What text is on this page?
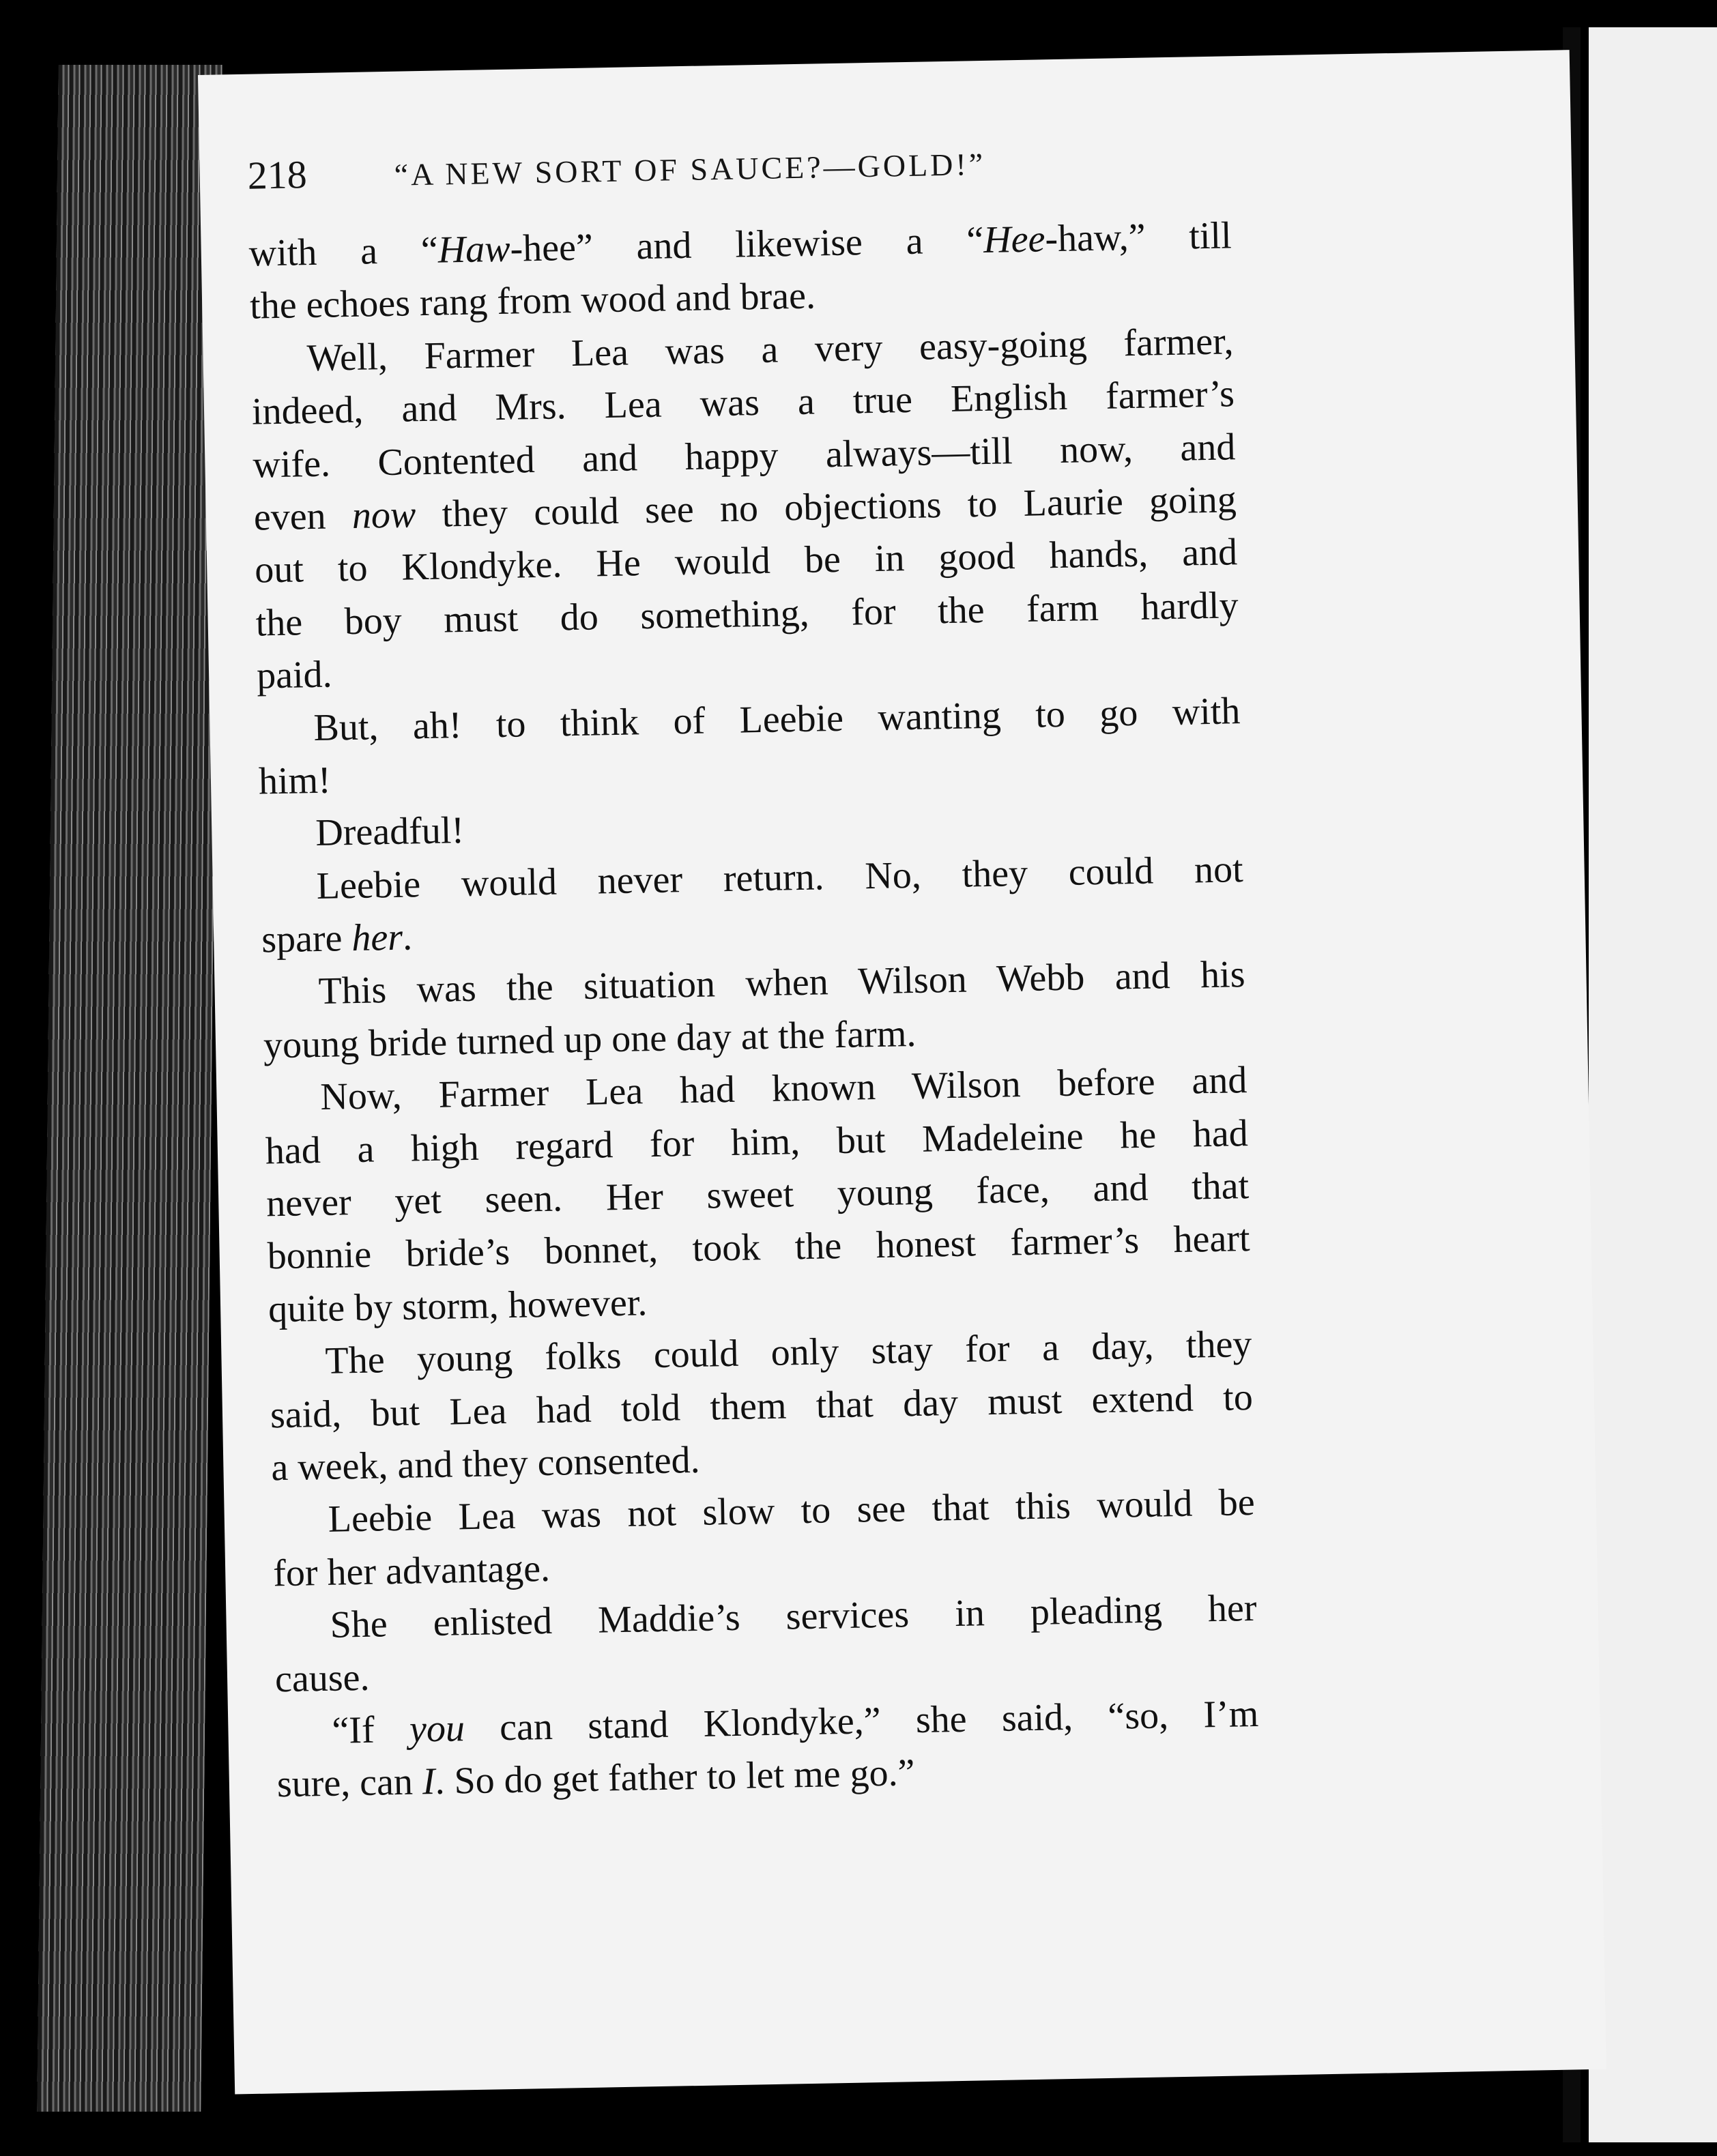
218	“A NEW SORT OF SAUCE?—GOLD!”
with a “Haw-hee” and likewise a “Hee-haw,” till
the echoes rang from wood and brae.
Well, Farmer Lea was a very easy-going farmer,
indeed, and Mrs. Lea was a true English farmer’s
wife. Contented and happy always—till now, and
even now they could see no objections to Laurie going
out to Klondyke. He would be in good hands, and
the boy must do something, for the farm hardly
paid.
But, ah! to think of Leebie wanting to go with
him!
Dreadful!
Leebie would never return. No, they could not
spare her.
This was the situation when Wilson Webb and his
young bride turned up one day at the farm.
Now, Farmer Lea had known Wilson before and
had a high regard for him, but Madeleine he had
never yet seen. Her sweet young face, and that
bonnie bride’s bonnet, took the honest farmer’s heart
quite by storm, however.
The young folks could only stay for a day, they
said, but Lea had told them that day must extend to
a week, and they consented.
Leebie Lea was not slow to see that this would be
for her advantage.
She enlisted Maddie’s services in pleading her
cause.
“If you can stand Klondyke,” she said, “so, I’m
sure, can I. So do get father to let me go.”
